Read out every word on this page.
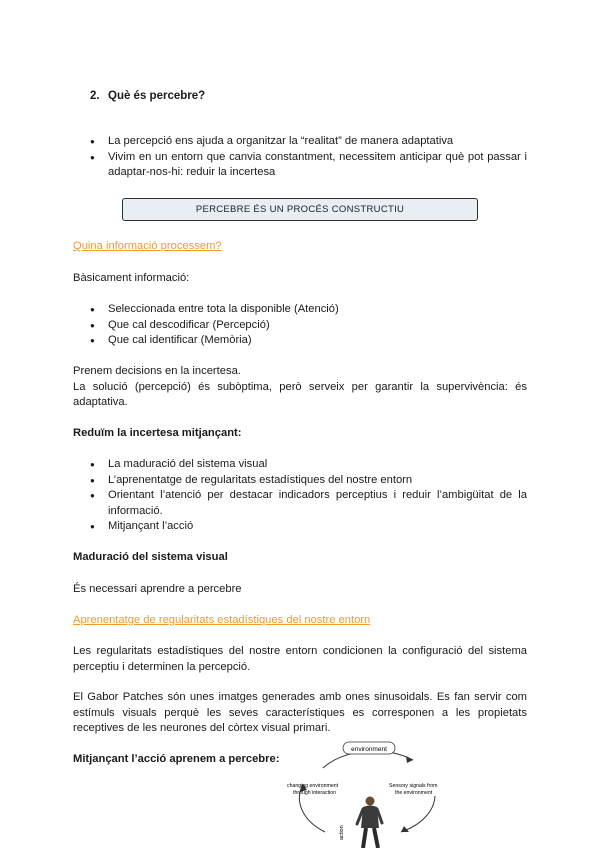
2. Què és percebre?
● La percepció ens ajuda a organitzar la “realitat” de manera adaptativa
● Vivim en un entorn que canvia constantment, necessitem anticipar què pot passar i adaptar-nos-hi: reduir la incertesa
PERCEBRE ÉS UN PROCÉS CONSTRUCTIU
Quina informació processem?
Bàsicament informació:
● Seleccionada entre tota la disponible (Atenció)
● Que cal descodificar (Percepció)
● Que cal identificar (Memòria)
Prenem decisions en la incertesa.
La solució (percepció) és subòptima, però serveix per garantir la supervivència: és adaptativa.
Reduïm la incertesa mitjançant:
● La maduració del sistema visual
● L’aprenentatge de regularitats estadístiques del nostre entorn
● Orientant l’atenció per destacar indicadors perceptius i reduir l’ambigüitat de la informació.
● Mitjançant l’acció
Maduració del sistema visual
És necessari aprendre a percebre
Aprenentatge de regularitats estadístiques del nostre entorn
Les regularitats estadístiques del nostre entorn condicionen la configuració del sistema perceptiu i determinen la percepció.
El Gabor Patches són unes imatges generades amb ones sinusoidals. Es fan servir com estímuls visuals perquè les seves característiques es corresponen a les propietats receptives de les neurones del còrtex visual primari.
Mitjançant l’acció aprenem a percebre:
environment
changing environment
through interaction
Sensory signals from
the environment
action
